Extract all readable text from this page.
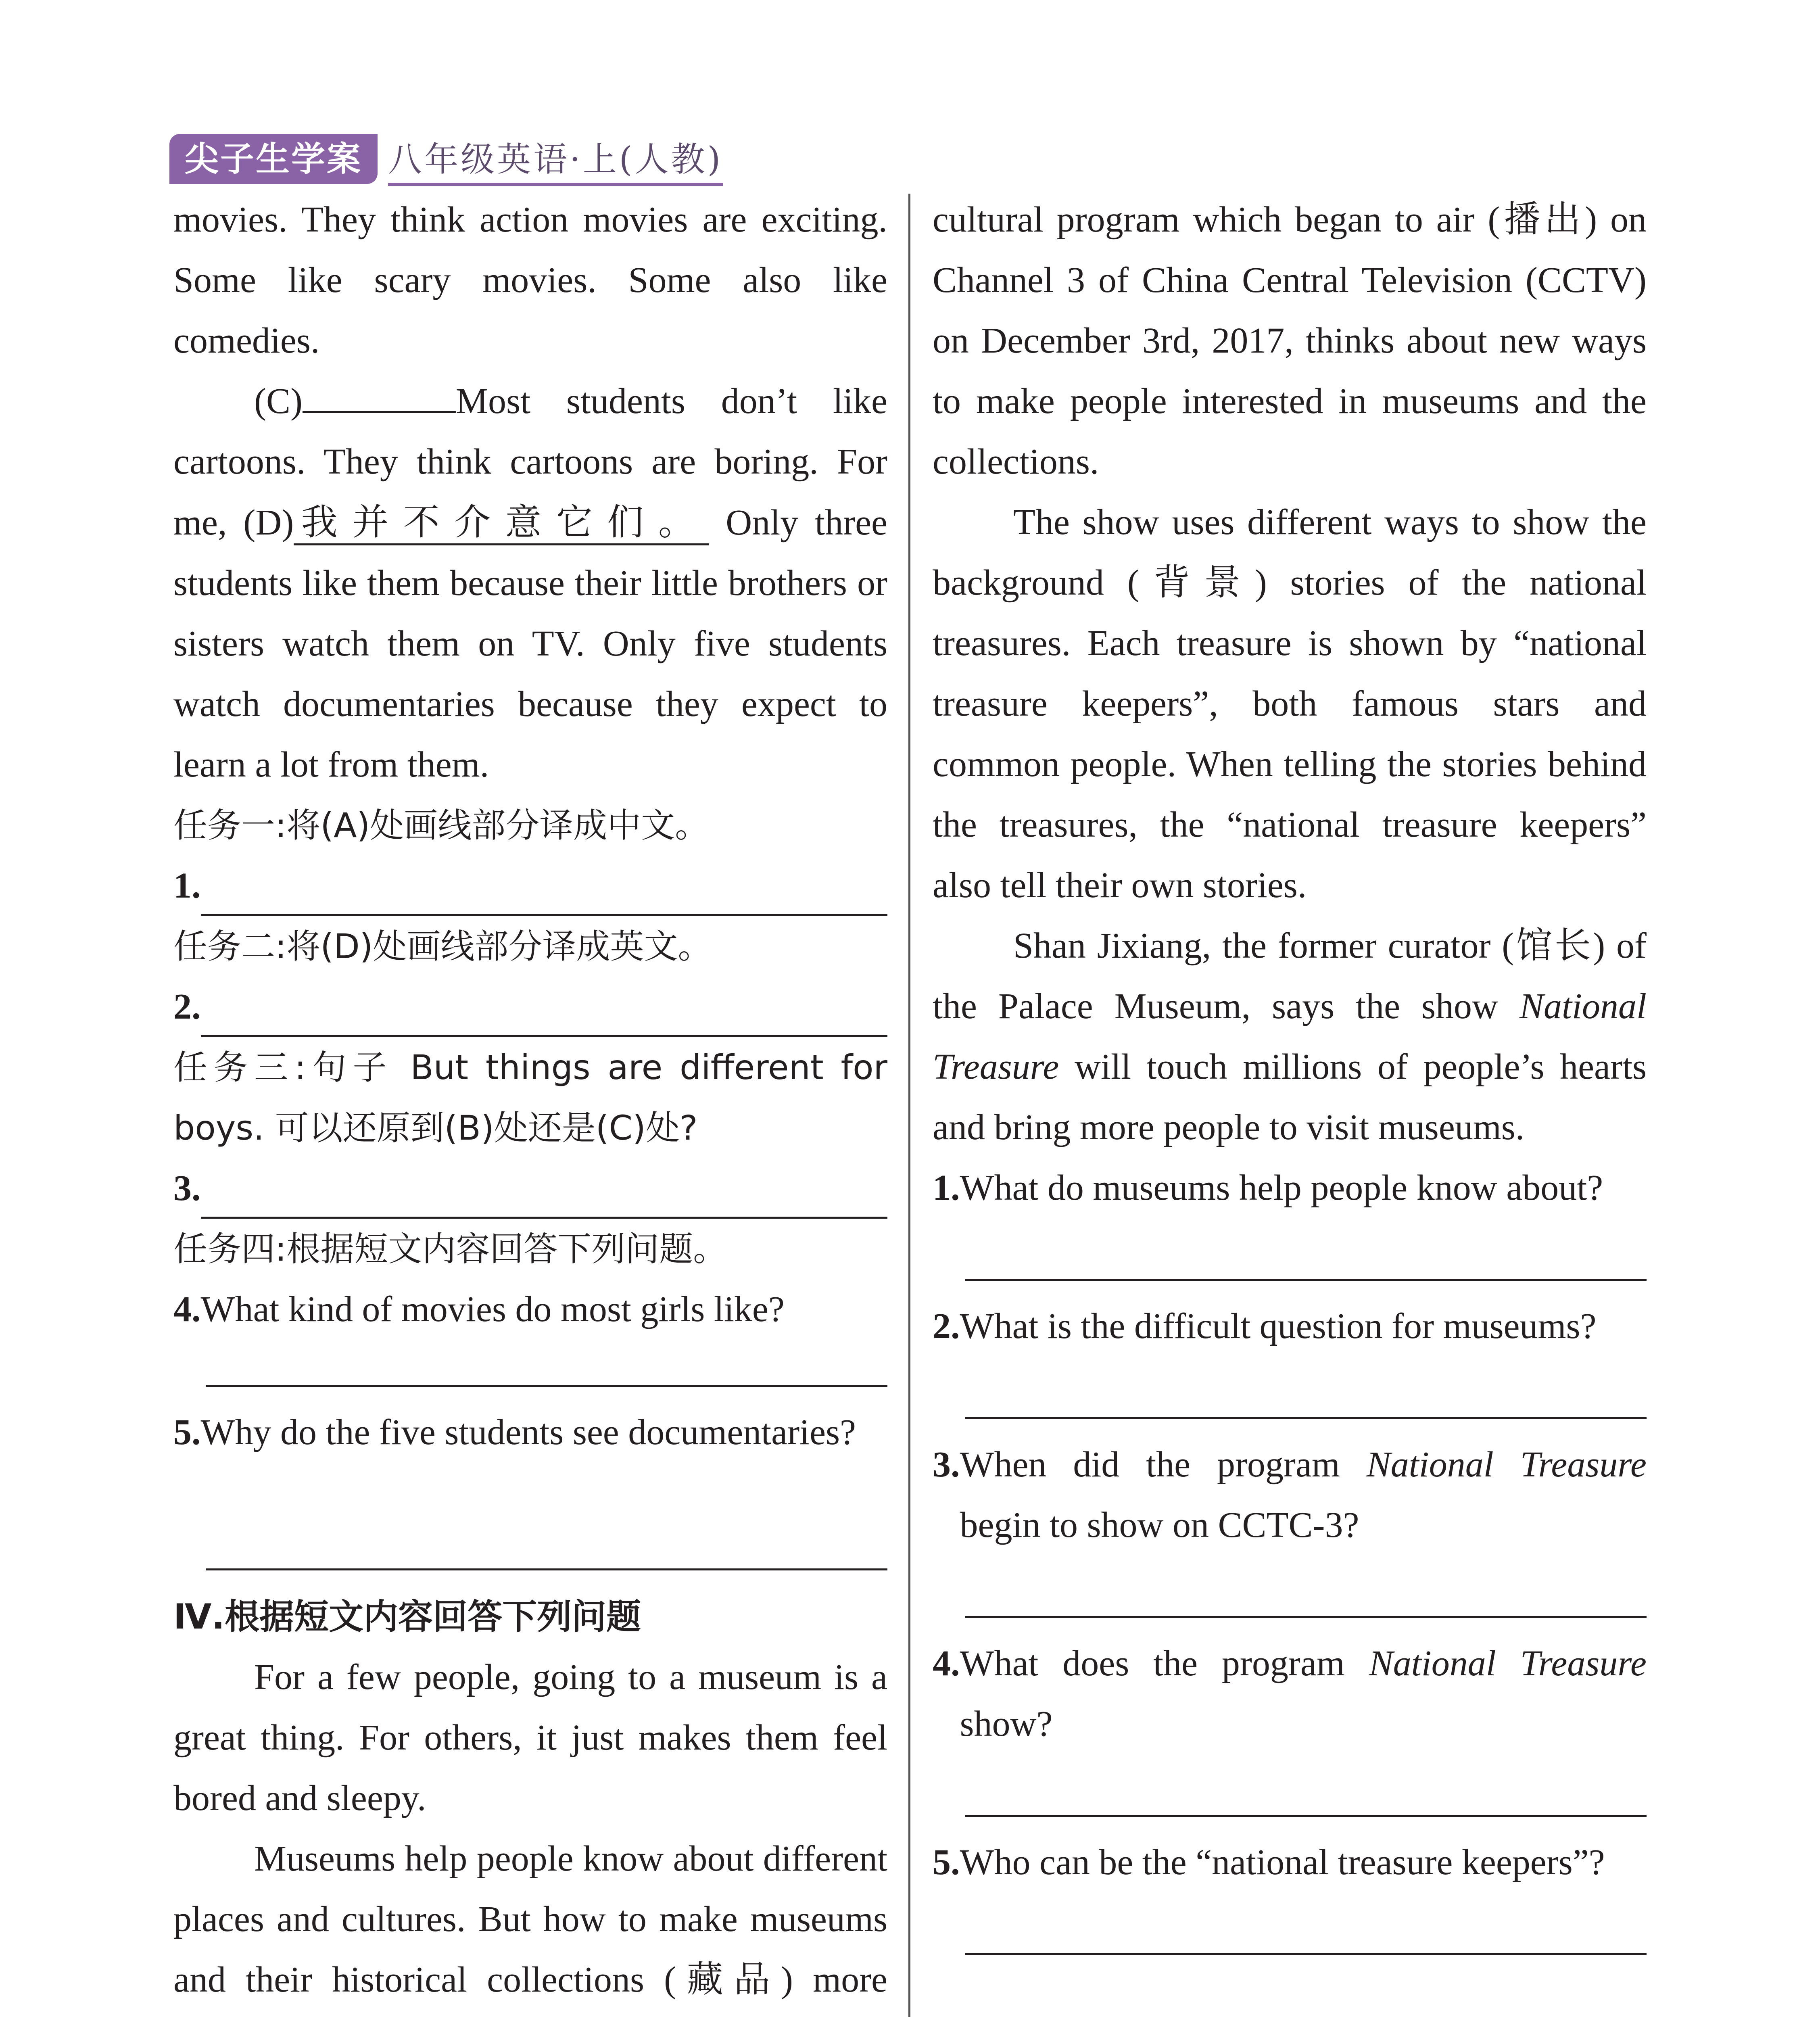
尖子生学案 八年级英语·上(人教)

movies. They think action movies are exciting. Some like scary movies. Some also like comedies.

(C)	Most students don’t like cartoons. They think cartoons are boring. For me, (D)我并不介意它们。 Only three students like them because their little brothers or sisters watch them on TV. Only five students watch documentaries because they expect to learn a lot from them.

任务一:将(A)处画线部分译成中文。

1.

任务二:将(D)处画线部分译成英文。

2.

任务三:句子 But things are different for boys. 可以还原到(B)处还是(C)处?

3.

任务四:根据短文内容回答下列问题。

4. What kind of movies do most girls like?
5. Why do the five students see documentaries?

Ⅳ.根据短文内容回答下列问题

For a few people, going to a museum is a great thing. For others, it just makes them feel bored and sleepy.

Museums help people know about different places and cultures. But how to make museums and their historical collections (藏品) more

cultural program which began to air (播出) on Channel 3 of China Central Television (CCTV) on December 3rd, 2017, thinks about new ways to make people interested in museums and the collections.

The show uses different ways to show the background (背景) stories of the national treasures. Each treasure is shown by “national treasure keepers”, both famous stars and common people. When telling the stories behind the treasures, the “national treasure keepers” also tell their own stories.

Shan Jixiang, the former curator (馆长) of the Palace Museum, says the show National Treasure will touch millions of people’s hearts and bring more people to visit museums.

1. What do museums help people know about?
2. What is the difficult question for museums?
3. When did the program National Treasure begin to show on CCTC-3?
4. What does the program National Treasure show?
5. Who can be the “national treasure keepers”?
